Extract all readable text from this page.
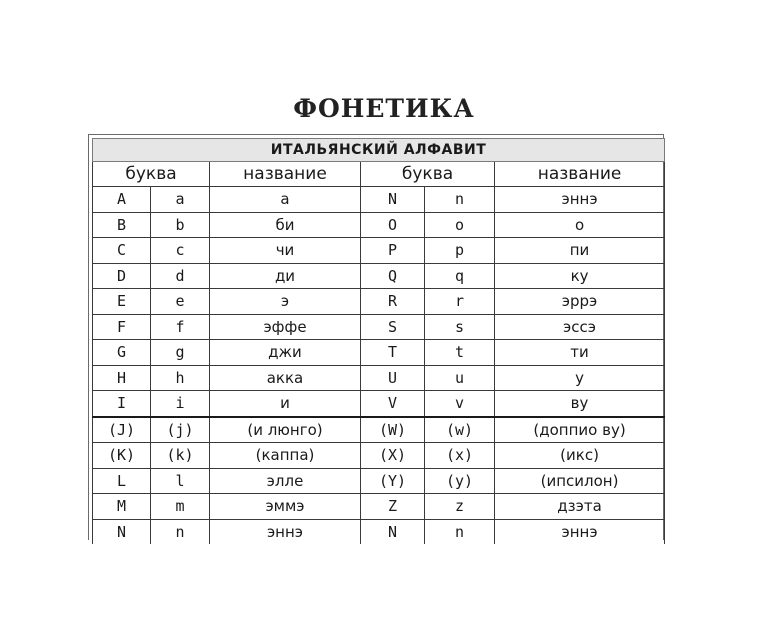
ФОНЕТИКА
ИТАЛЬЯНСКИЙ АЛФАВИТ					
буква		название	буква		название
A	a	а	N	n	эннэ
B	b	би	O	o	о
C	c	чи	P	p	пи
D	d	ди	Q	q	ку
E	e	э	R	r	эррэ
F	f	эффе	S	s	эссэ
G	g	джи	T	t	ти
H	h	акка	U	u	у
I	i	и	V	v	ву
(J)	(j)	(и люнго)	(W)	(w)	(доппио ву)
(K)	(k)	(каппа)	(X)	(x)	(икс)
L	l	элле	(Y)	(y)	(ипсилон)
M	m	эммэ	Z	z	дзэта
N	n	эннэ	N	n	эннэ
